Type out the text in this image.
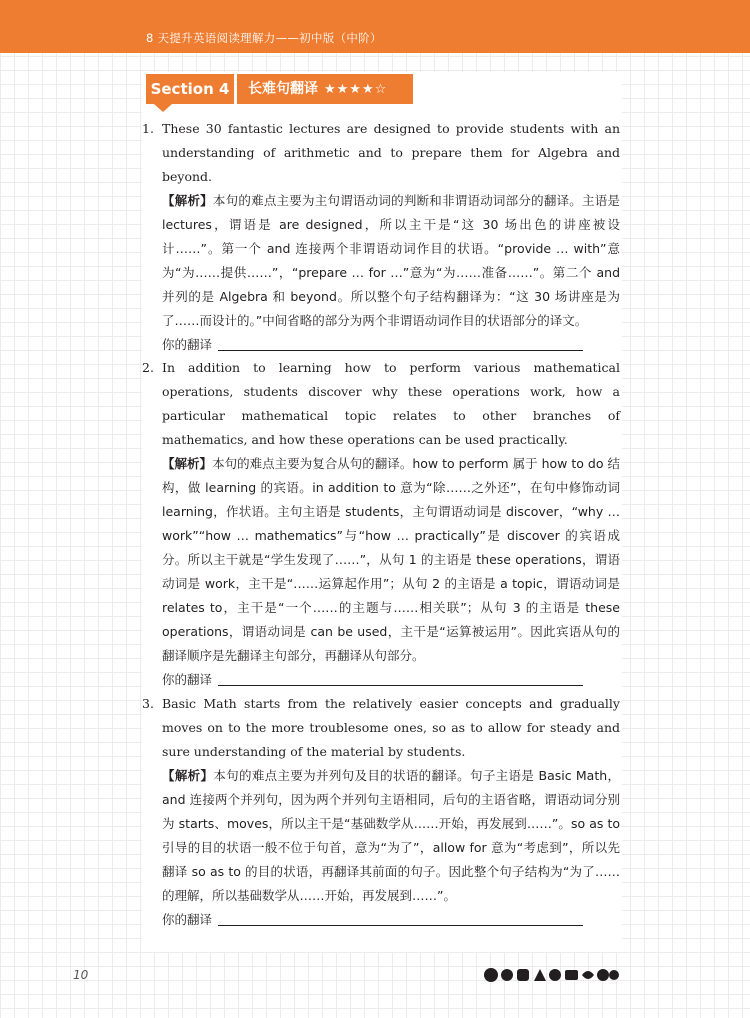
8 天提升英语阅读理解力——初中版（中阶）
Section 4	长难句翻译 ★★★★☆
1. These 30 fantastic lectures are designed to provide students with an understanding of arithmetic and to prepare them for Algebra and beyond.

【解析】本句的难点主要为主句谓语动词的判断和非谓语动词部分的翻译。主语是 lectures，谓语是 are designed，所以主干是“这 30 场出色的讲座被设计……”。第一个 and 连接两个非谓语动词作目的状语。“provide … with”意为“为……提供……”，“prepare … for …”意为“为……准备……”。第二个 and 并列的是 Algebra 和 beyond。所以整个句子结构翻译为：“这 30 场讲座是为了……而设计的。”中间省略的部分为两个非谓语动词作目的状语部分的译文。

你的翻译
2. In addition to learning how to perform various mathematical operations, students discover why these operations work, how a particular mathematical topic relates to other branches of mathematics, and how these operations can be used practically.

【解析】本句的难点主要为复合从句的翻译。how to perform 属于 how to do 结构，做 learning 的宾语。in addition to 意为“除……之外还”，在句中修饰动词 learning，作状语。主句主语是 students，主句谓语动词是 discover，“why … work”“how … mathematics”与“how … practically”是 discover 的宾语成分。所以主干就是“学生发现了……”，从句 1 的主语是 these operations，谓语动词是 work，主干是“……运算起作用”；从句 2 的主语是 a topic，谓语动词是 relates to，主干是“一个……的主题与……相关联”；从句 3 的主语是 these operations，谓语动词是 can be used，主干是“运算被运用”。因此宾语从句的翻译顺序是先翻译主句部分，再翻译从句部分。

你的翻译
3. Basic Math starts from the relatively easier concepts and gradually moves on to the more troublesome ones, so as to allow for steady and sure understanding of the material by students.

【解析】本句的难点主要为并列句及目的状语的翻译。句子主语是 Basic Math，and 连接两个并列句，因为两个并列句主语相同，后句的主语省略，谓语动词分别为 starts、moves，所以主干是“基础数学从……开始，再发展到……”。so as to 引导的目的状语一般不位于句首，意为“为了”，allow for 意为“考虑到”，所以先翻译 so as to 的目的状语，再翻译其前面的句子。因此整个句子结构为“为了……的理解，所以基础数学从……开始，再发展到……”。

你的翻译
10
